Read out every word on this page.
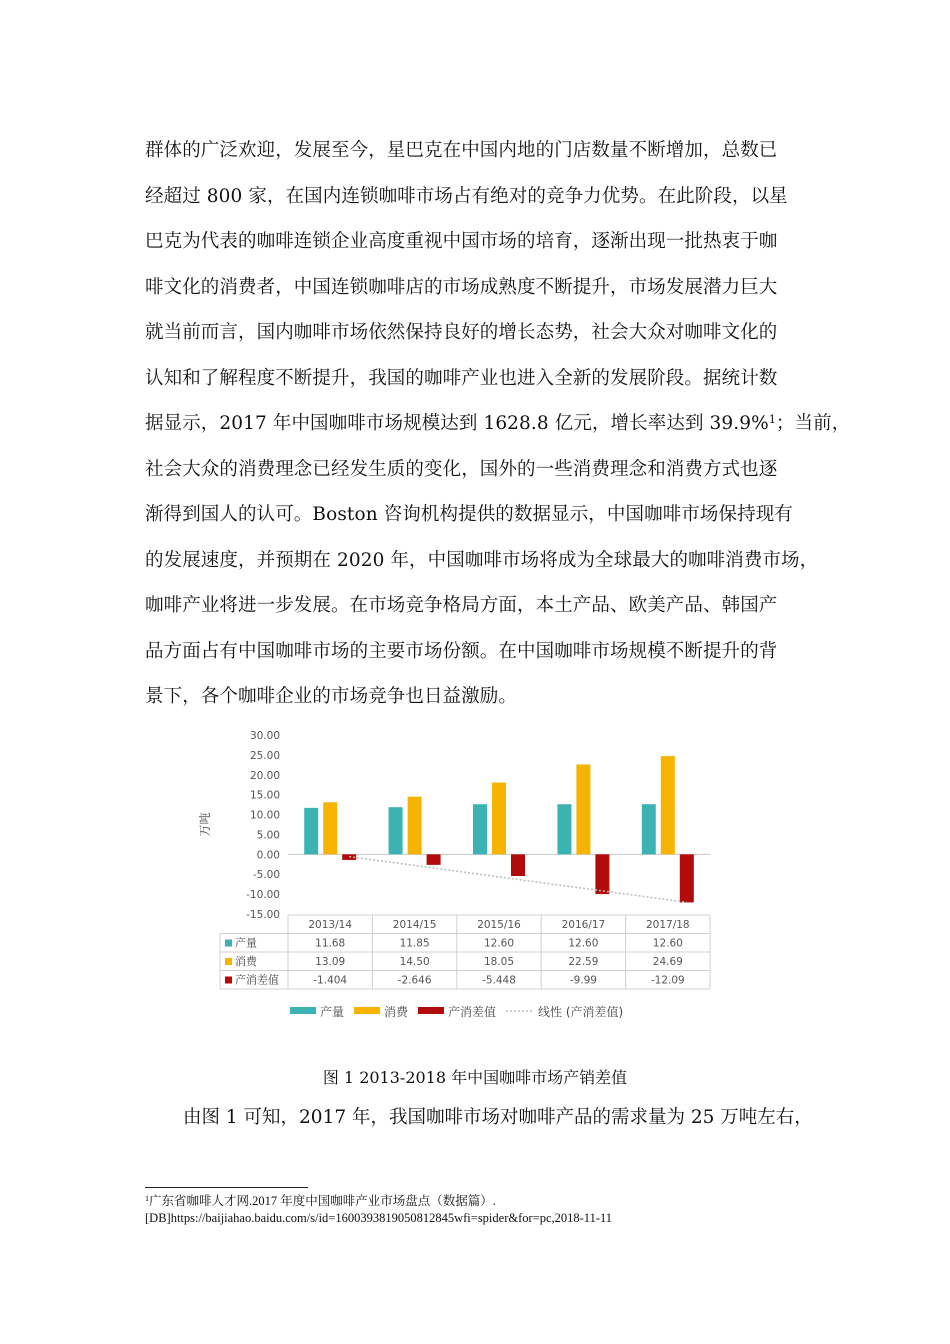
群体的广泛欢迎，发展至今，星巴克在中国内地的门店数量不断增加，总数已
经超过 800 家，在国内连锁咖啡市场占有绝对的竞争力优势。在此阶段，以星
巴克为代表的咖啡连锁企业高度重视中国市场的培育，逐渐出现一批热衷于咖
啡文化的消费者，中国连锁咖啡店的市场成熟度不断提升，市场发展潜力巨大
就当前而言，国内咖啡市场依然保持良好的增长态势，社会大众对咖啡文化的
认知和了解程度不断提升，我国的咖啡产业也进入全新的发展阶段。据统计数
据显示，2017 年中国咖啡市场规模达到 1628.8 亿元，增长率达到 39.9%$^1$；当前，
社会大众的消费理念已经发生质的变化，国外的一些消费理念和消费方式也逐
渐得到国人的认可。Boston 咨询机构提供的数据显示，中国咖啡市场保持现有
的发展速度，并预期在 2020 年，中国咖啡市场将成为全球最大的咖啡消费市场，
咖啡产业将进一步发展。在市场竞争格局方面，本土产品、欧美产品、韩国产
品方面占有中国咖啡市场的主要市场份额。在中国咖啡市场规模不断提升的背
景下，各个咖啡企业的市场竞争也日益激励。
30.00
25.00
20.00
15.00
10.00
5.00
0.00
-5.00
-10.00
-15.00
万吨
2013/14	2014/15	2015/16	2016/17	2017/18
产量	11.68	11.85	12.60	12.60	12.60
消费	13.09	14.50	18.05	22.59	24.69
产消差值	-1.404	-2.646	-5.448	-9.99	-12.09
产量	消费	产消差值	线性 (产消差值)
图 1 2013-2018 年中国咖啡市场产销差值
由图 1 可知，2017 年，我国咖啡市场对咖啡产品的需求量为 25 万吨左右，
$^1$广东省咖啡人才网.2017 年度中国咖啡产业市场盘点（数据篇）.
[DB]https://baijiahao.baidu.com/s/id=1600393819050812845wfi=spider&for=pc,2018-11-11
